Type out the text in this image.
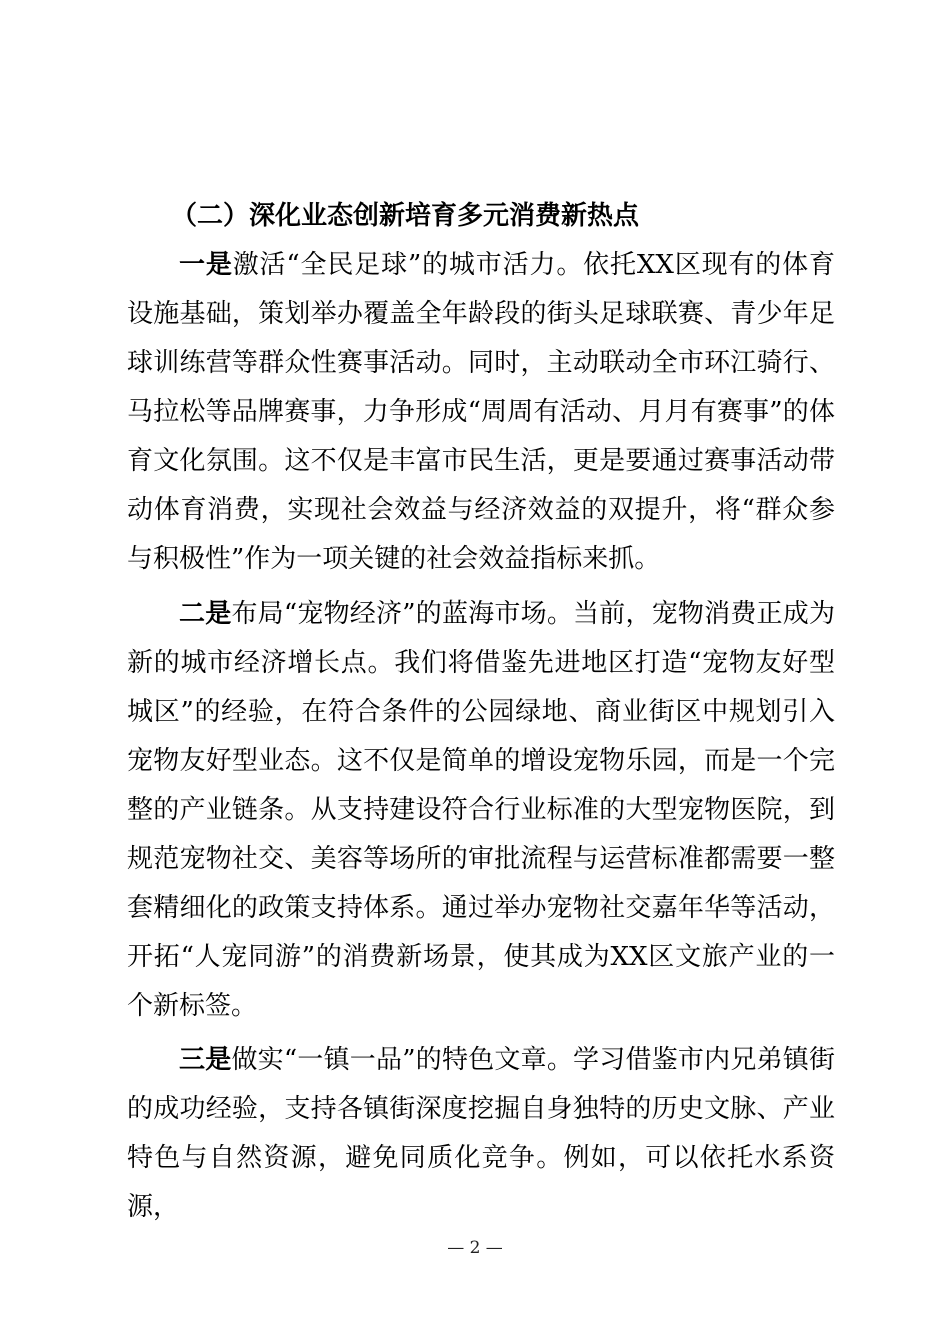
（二）深化业态创新培育多元消费新热点

一是激活“全民足球”的城市活力。依托XX区现有的体育设施基础，策划举办覆盖全年龄段的街头足球联赛、青少年足球训练营等群众性赛事活动。同时，主动联动全市环江骑行、马拉松等品牌赛事，力争形成“周周有活动、月月有赛事”的体育文化氛围。这不仅是丰富市民生活，更是要通过赛事活动带动体育消费，实现社会效益与经济效益的双提升，将“群众参与积极性”作为一项关键的社会效益指标来抓。

二是布局“宠物经济”的蓝海市场。当前，宠物消费正成为新的城市经济增长点。我们将借鉴先进地区打造“宠物友好型城区”的经验，在符合条件的公园绿地、商业街区中规划引入宠物友好型业态。这不仅是简单的增设宠物乐园，而是一个完整的产业链条。从支持建设符合行业标准的大型宠物医院，到规范宠物社交、美容等场所的审批流程与运营标准都需要一整套精细化的政策支持体系。通过举办宠物社交嘉年华等活动，开拓“人宠同游”的消费新场景，使其成为XX区文旅产业的一个新标签。

三是做实“一镇一品”的特色文章。学习借鉴市内兄弟镇街的成功经验，支持各镇街深度挖掘自身独特的历史文脉、产业特色与自然资源，避免同质化竞争。例如，可以依托水系资源，

— 2 —
